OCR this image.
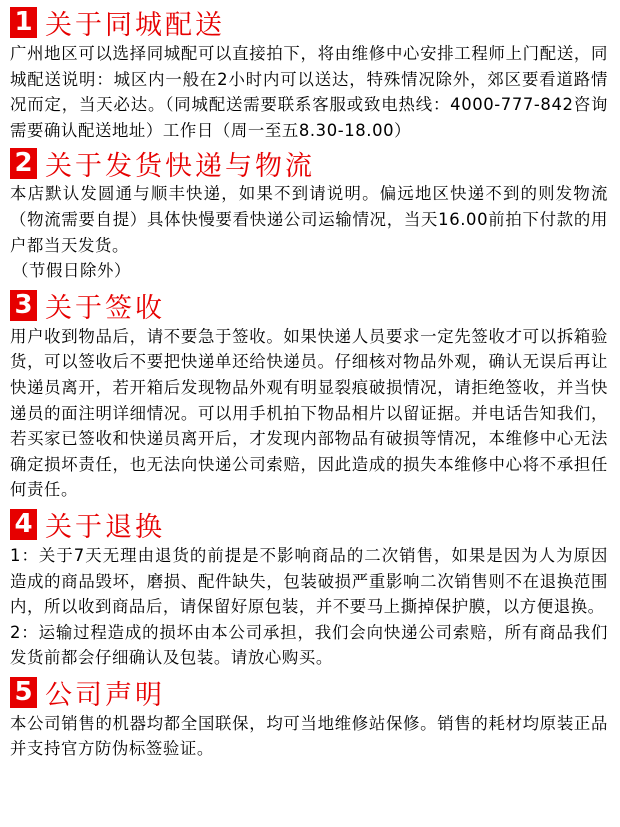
1 关于同城配送

广州地区可以选择同城配可以直接拍下，将由维修中心安排工程师上门配送，同城配送说明：城区内一般在2小时内可以送达，特殊情况除外，郊区要看道路情况而定，当天必达。（同城配送需要联系客服或致电热线：4000-777-842咨询需要确认配送地址）工作日（周一至五8.30-18.00）

2 关于发货快递与物流

本店默认发圆通与顺丰快递，如果不到请说明。偏远地区快递不到的则发物流（物流需要自提）具体快慢要看快递公司运输情况，当天16.00前拍下付款的用户都当天发货。

（节假日除外）

3 关于签收

用户收到物品后，请不要急于签收。如果快递人员要求一定先签收才可以拆箱验货，可以签收后不要把快递单还给快递员。仔细核对物品外观，确认无误后再让快递员离开，若开箱后发现物品外观有明显裂痕破损情况，请拒绝签收，并当快递员的面注明详细情况。可以用手机拍下物品相片以留证据。并电话告知我们，若买家已签收和快递员离开后，才发现内部物品有破损等情况，本维修中心无法确定损坏责任，也无法向快递公司索赔，因此造成的损失本维修中心将不承担任何责任。

4 关于退换

1：关于7天无理由退货的前提是不影响商品的二次销售，如果是因为人为原因造成的商品毁坏，磨损、配件缺失，包装破损严重影响二次销售则不在退换范围内，所以收到商品后，请保留好原包装，并不要马上撕掉保护膜，以方便退换。

2：运输过程造成的损坏由本公司承担，我们会向快递公司索赔，所有商品我们发货前都会仔细确认及包装。请放心购买。

5 公司声明

本公司销售的机器均都全国联保，均可当地维修站保修。销售的耗材均原装正品并支持官方防伪标签验证。
